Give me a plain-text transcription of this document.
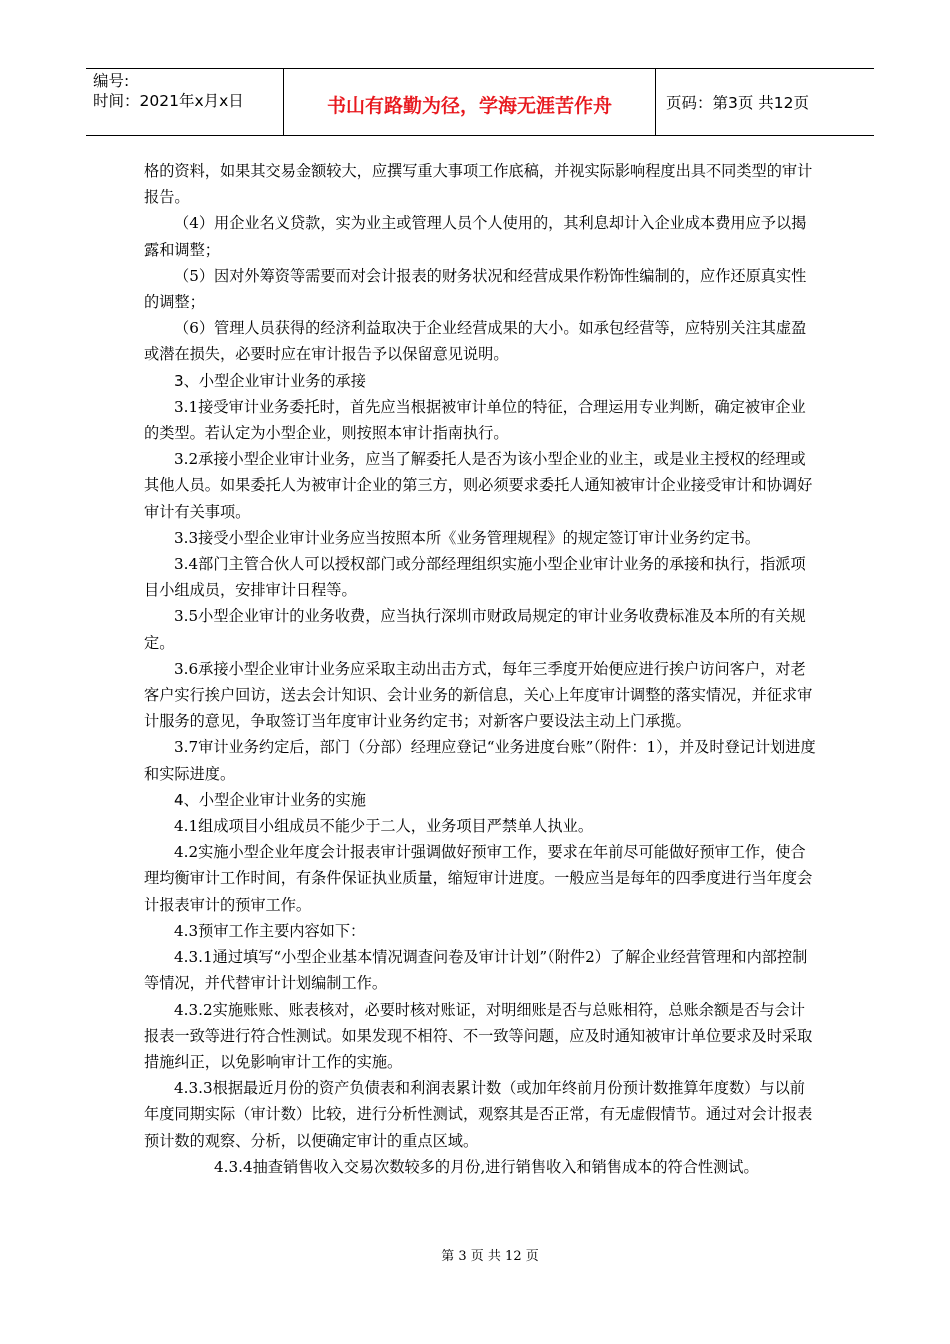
编号:
时间：2021年x月x日	书山有路勤为径，学海无涯苦作舟	页码：第3页 共12页

格的资料，如果其交易金额较大，应撰写重大事项工作底稿，并视实际影响程度出具不同类型的审计报告。

（4）用企业名义贷款，实为业主或管理人员个人使用的，其利息却计入企业成本费用应予以揭露和调整；

（5）因对外筹资等需要而对会计报表的财务状况和经营成果作粉饰性编制的，应作还原真实性的调整；

（6）管理人员获得的经济利益取决于企业经营成果的大小。如承包经营等，应特别关注其虚盈或潜在损失，必要时应在审计报告予以保留意见说明。

3、小型企业审计业务的承接

3.1接受审计业务委托时，首先应当根据被审计单位的特征，合理运用专业判断，确定被审企业的类型。若认定为小型企业，则按照本审计指南执行。

3.2承接小型企业审计业务，应当了解委托人是否为该小型企业的业主，或是业主授权的经理或其他人员。如果委托人为被审计企业的第三方，则必须要求委托人通知被审计企业接受审计和协调好审计有关事项。

3.3接受小型企业审计业务应当按照本所《业务管理规程》的规定签订审计业务约定书。

3.4部门主管合伙人可以授权部门或分部经理组织实施小型企业审计业务的承接和执行，指派项目小组成员，安排审计日程等。

3.5小型企业审计的业务收费，应当执行深圳市财政局规定的审计业务收费标准及本所的有关规定。

3.6承接小型企业审计业务应采取主动出击方式，每年三季度开始便应进行挨户访问客户，对老客户实行挨户回访，送去会计知识、会计业务的新信息，关心上年度审计调整的落实情况，并征求审计服务的意见，争取签订当年度审计业务约定书；对新客户要设法主动上门承揽。

3.7审计业务约定后，部门（分部）经理应登记“业务进度台账”（附件：1），并及时登记计划进度和实际进度。

4、小型企业审计业务的实施

4.1组成项目小组成员不能少于二人，业务项目严禁单人执业。

4.2实施小型企业年度会计报表审计强调做好预审工作，要求在年前尽可能做好预审工作，使合理均衡审计工作时间，有条件保证执业质量，缩短审计进度。一般应当是每年的四季度进行当年度会计报表审计的预审工作。

4.3预审工作主要内容如下：

4.3.1通过填写“小型企业基本情况调查问卷及审计计划”（附件2）了解企业经营管理和内部控制等情况，并代替审计计划编制工作。

4.3.2实施账账、账表核对，必要时核对账证，对明细账是否与总账相符，总账余额是否与会计报表一致等进行符合性测试。如果发现不相符、不一致等问题，应及时通知被审计单位要求及时采取措施纠正，以免影响审计工作的实施。

4.3.3根据最近月份的资产负债表和利润表累计数（或加年终前月份预计数推算年度数）与以前年度同期实际（审计数）比较，进行分析性测试，观察其是否正常，有无虚假情节。通过对会计报表预计数的观察、分析，以便确定审计的重点区域。

4.3.4抽查销售收入交易次数较多的月份,进行销售收入和销售成本的符合性测试。

第 3 页 共 12 页
